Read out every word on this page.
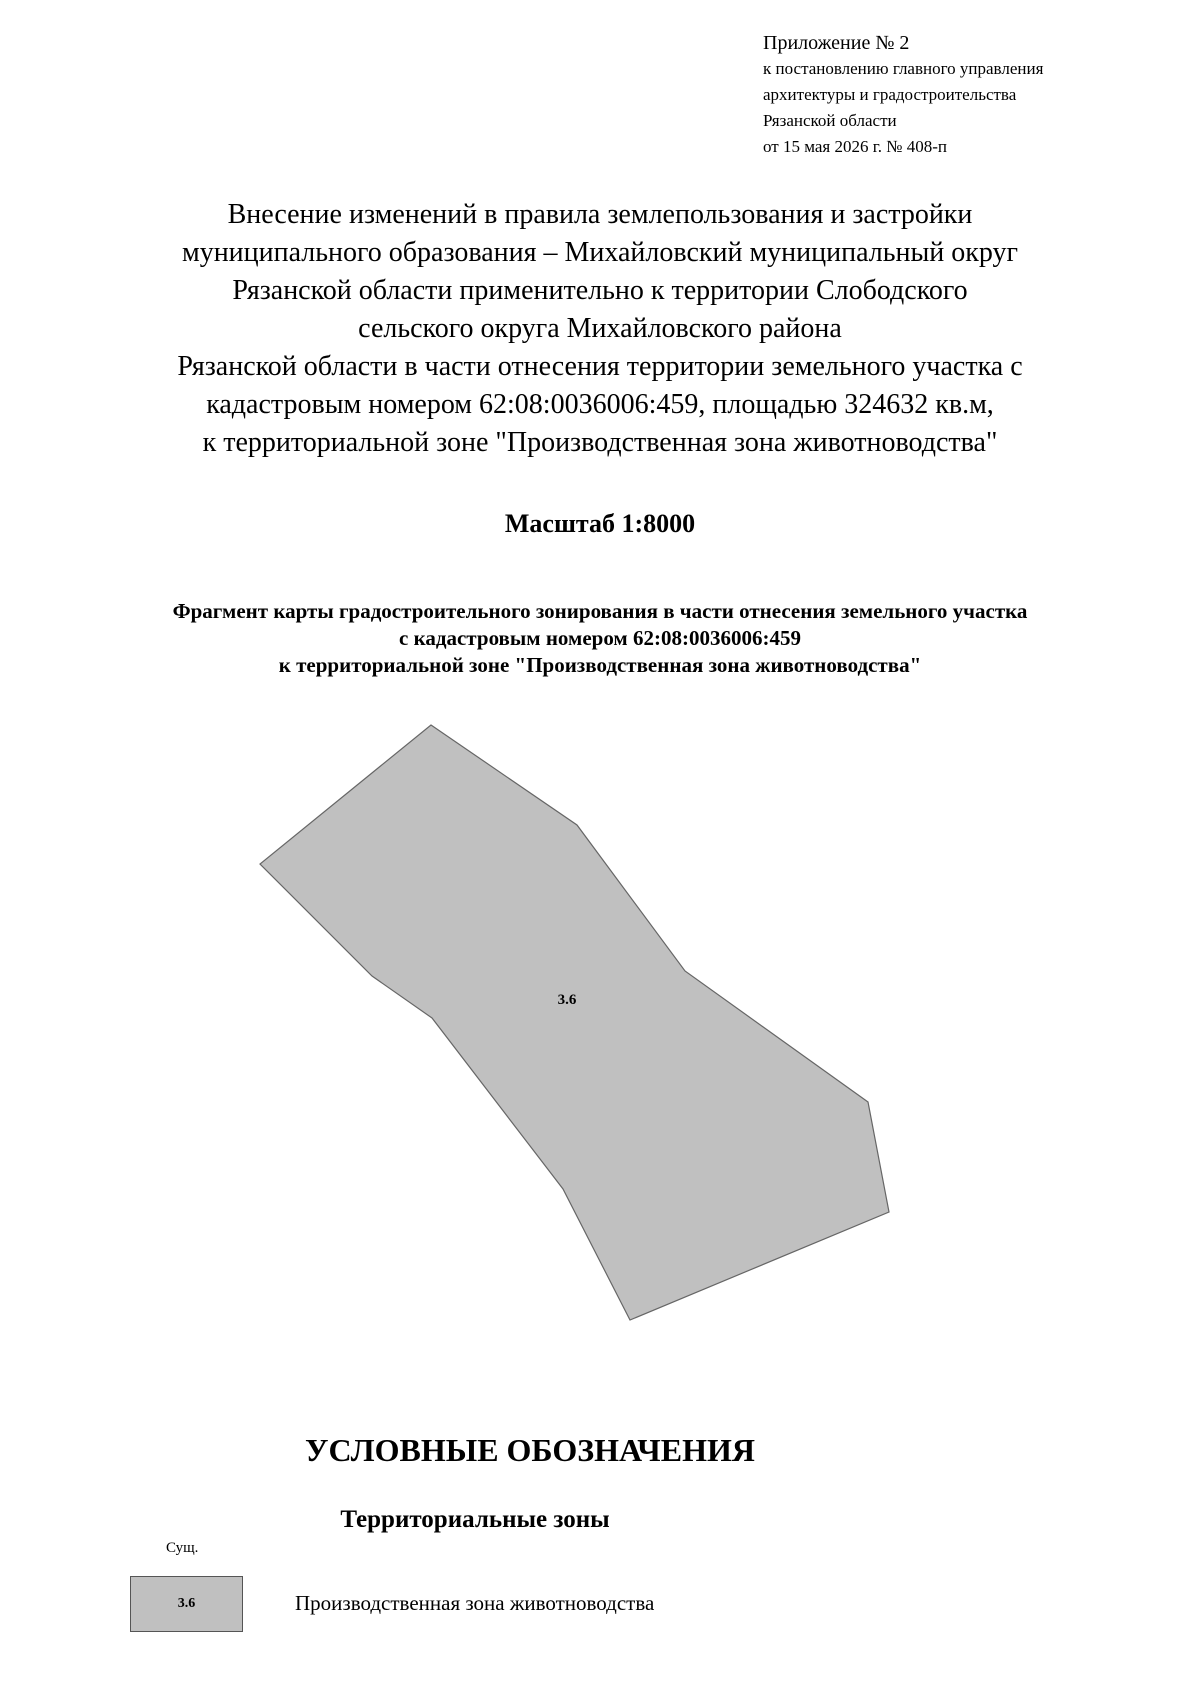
Приложение № 2
к постановлению главного управления
архитектуры и градостроительства
Рязанской области
от 15 мая 2026 г. № 408-п
Внесение изменений в правила землепользования и застройки
муниципального образования – Михайловский муниципальный округ
Рязанской области применительно к территории Слободского
сельского округа Михайловского района
Рязанской области в части отнесения территории земельного участка с
кадастровым номером 62:08:0036006:459, площадью 324632 кв.м,
к территориальной зоне "Производственная зона животноводства"
Масштаб 1:8000
Фрагмент карты градостроительного зонирования в части отнесения земельного участка
с кадастровым номером 62:08:0036006:459
к территориальной зоне "Производственная зона животноводства"
3.6
УСЛОВНЫЕ ОБОЗНАЧЕНИЯ
Территориальные зоны
Сущ.
3.6	Производственная зона животноводства
